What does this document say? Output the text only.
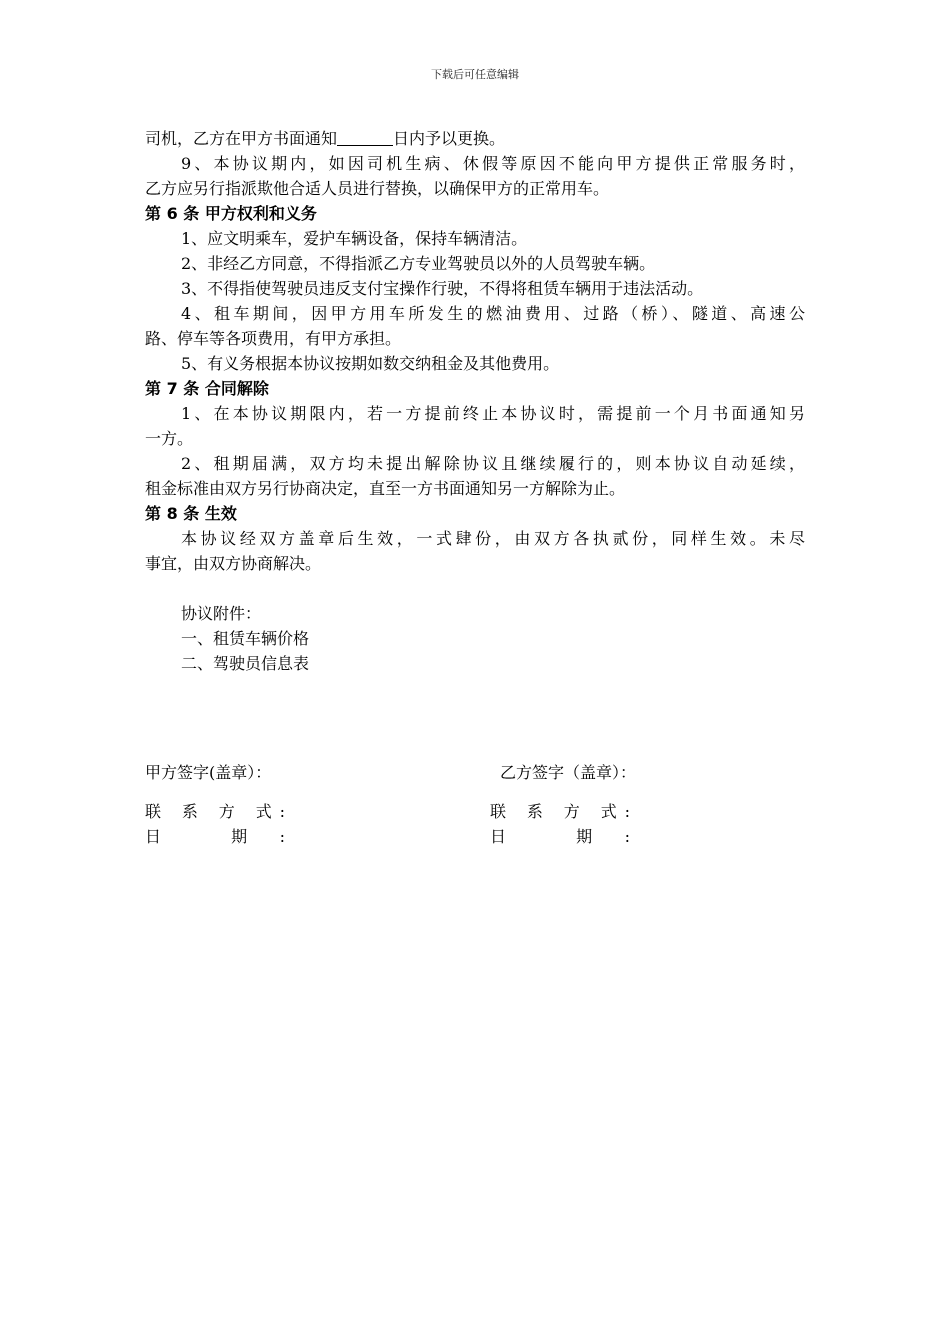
下载后可任意编辑
司机，乙方在甲方书面通知	日内予以更换。
9、本协议期内，如因司机生病、休假等原因不能向甲方提供正常服务时，
乙方应另行指派欺他合适人员进行替换，以确保甲方的正常用车。
第 6 条 甲方权利和义务
1、应文明乘车，爱护车辆设备，保持车辆清洁。
2、非经乙方同意，不得指派乙方专业驾驶员以外的人员驾驶车辆。
3、不得指使驾驶员违反支付宝操作行驶，不得将租赁车辆用于违法活动。
4、租车期间，因甲方用车所发生的燃油费用、过路（桥）、隧道、高速公
路、停车等各项费用，有甲方承担。
5、有义务根据本协议按期如数交纳租金及其他费用。
第 7 条 合同解除
1、在本协议期限内，若一方提前终止本协议时，需提前一个月书面通知另
一方。
2、租期届满，双方均未提出解除协议且继续履行的，则本协议自动延续，
租金标准由双方另行协商决定，直至一方书面通知另一方解除为止。
第 8 条 生效
本协议经双方盖章后生效，一式肆份，由双方各执贰份，同样生效。未尽
事宜，由双方协商解决。
协议附件：
一、租赁车辆价格
二、驾驶员信息表
甲方签字(盖章）：
联 系 方 式:
日 期:
乙方签字（盖章）：
联 系 方 式:
日 期:
